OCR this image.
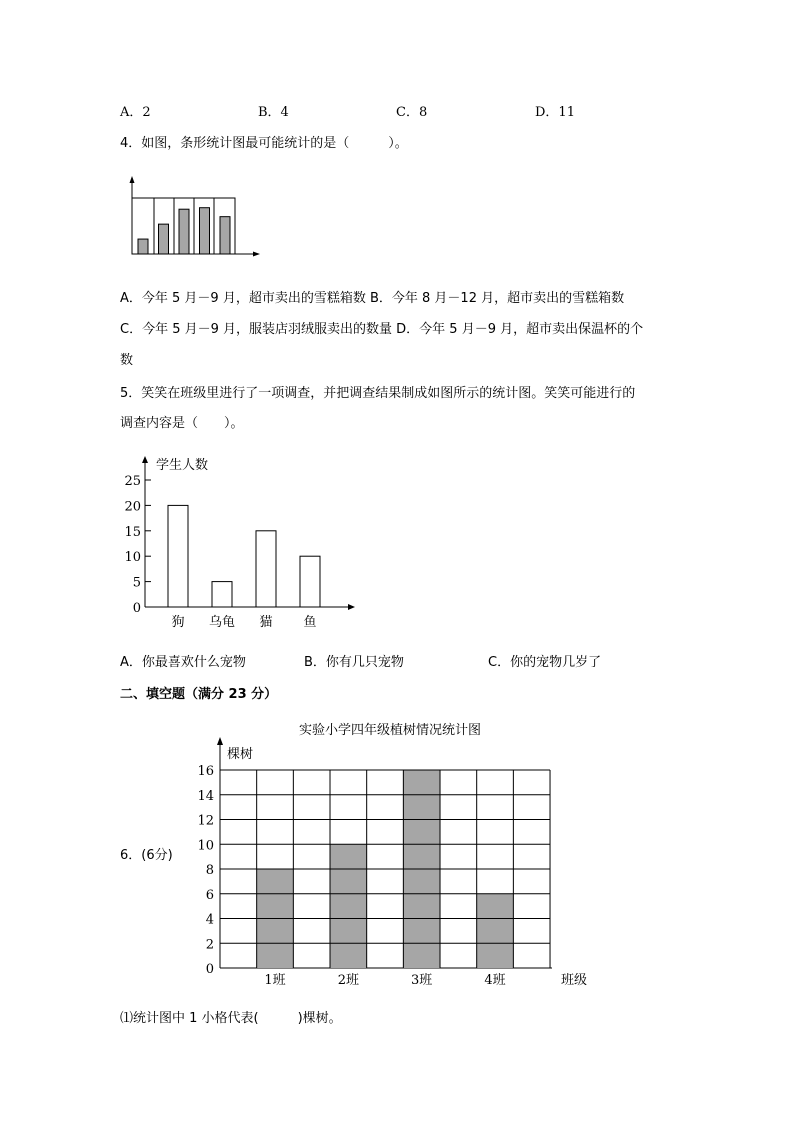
A．2	B．4	C．8	D．11
4．如图，条形统计图最可能统计的是（　　　）。
A．今年 5 月－9 月，超市卖出的雪糕箱数 B．今年 8 月－12 月，超市卖出的雪糕箱数
C．今年 5 月－9 月，服装店羽绒服卖出的数量 D．今年 5 月－9 月，超市卖出保温杯的个
数
5．笑笑在班级里进行了一项调查，并把调查结果制成如图所示的统计图。笑笑可能进行的
调查内容是（　　）。
学生人数
0
5
10
15
20
25
狗 乌龟 猫 鱼
A．你最喜欢什么宠物	B．你有几只宠物	C．你的宠物几岁了
二、填空题（满分 23 分）
6．(6分)
实验小学四年级植树情况统计图
棵树
0
2
4
6
8
10
12
14
16
1班	2班	3班	4班	班级
⑴统计图中 1 小格代表(　　　)棵树。
